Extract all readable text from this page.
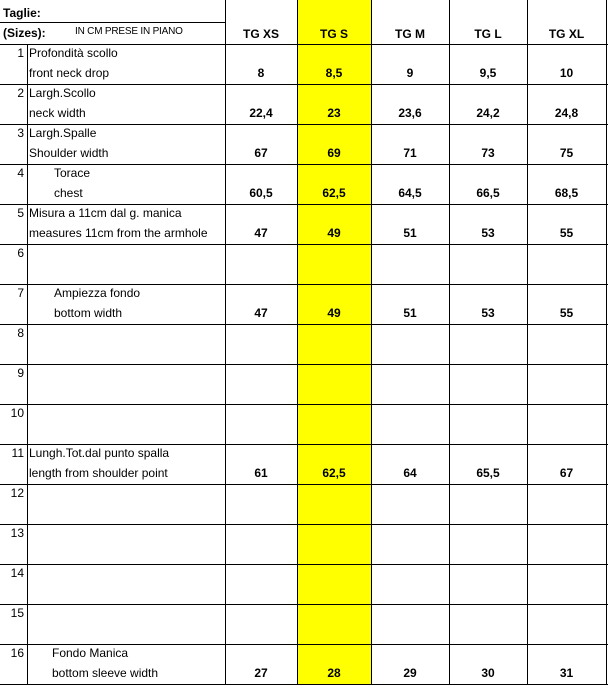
Taglie:
(Sizes):	IN CM PRESE IN PIANO	TG XS	TG S	TG M	TG L	TG XL
1 Profondità scollo
front neck drop	8	8,5	9	9,5	10
2 Largh.Scollo
neck width	22,4	23	23,6	24,2	24,8
3 Largh.Spalle
Shoulder width	67	69	71	73	75
4	Torace
chest	60,5	62,5	64,5	66,5	68,5
5 Misura a 11cm dal g. manica
measures 11cm from the armhole	47	49	51	53	55
6
7	Ampiezza fondo
bottom width	47	49	51	53	55
8
9
10
11 Lungh.Tot.dal punto spalla
length from shoulder point	61	62,5	64	65,5	67
12
13
14
15
16 Fondo Manica
bottom sleeve width	27	28	29	30	31
